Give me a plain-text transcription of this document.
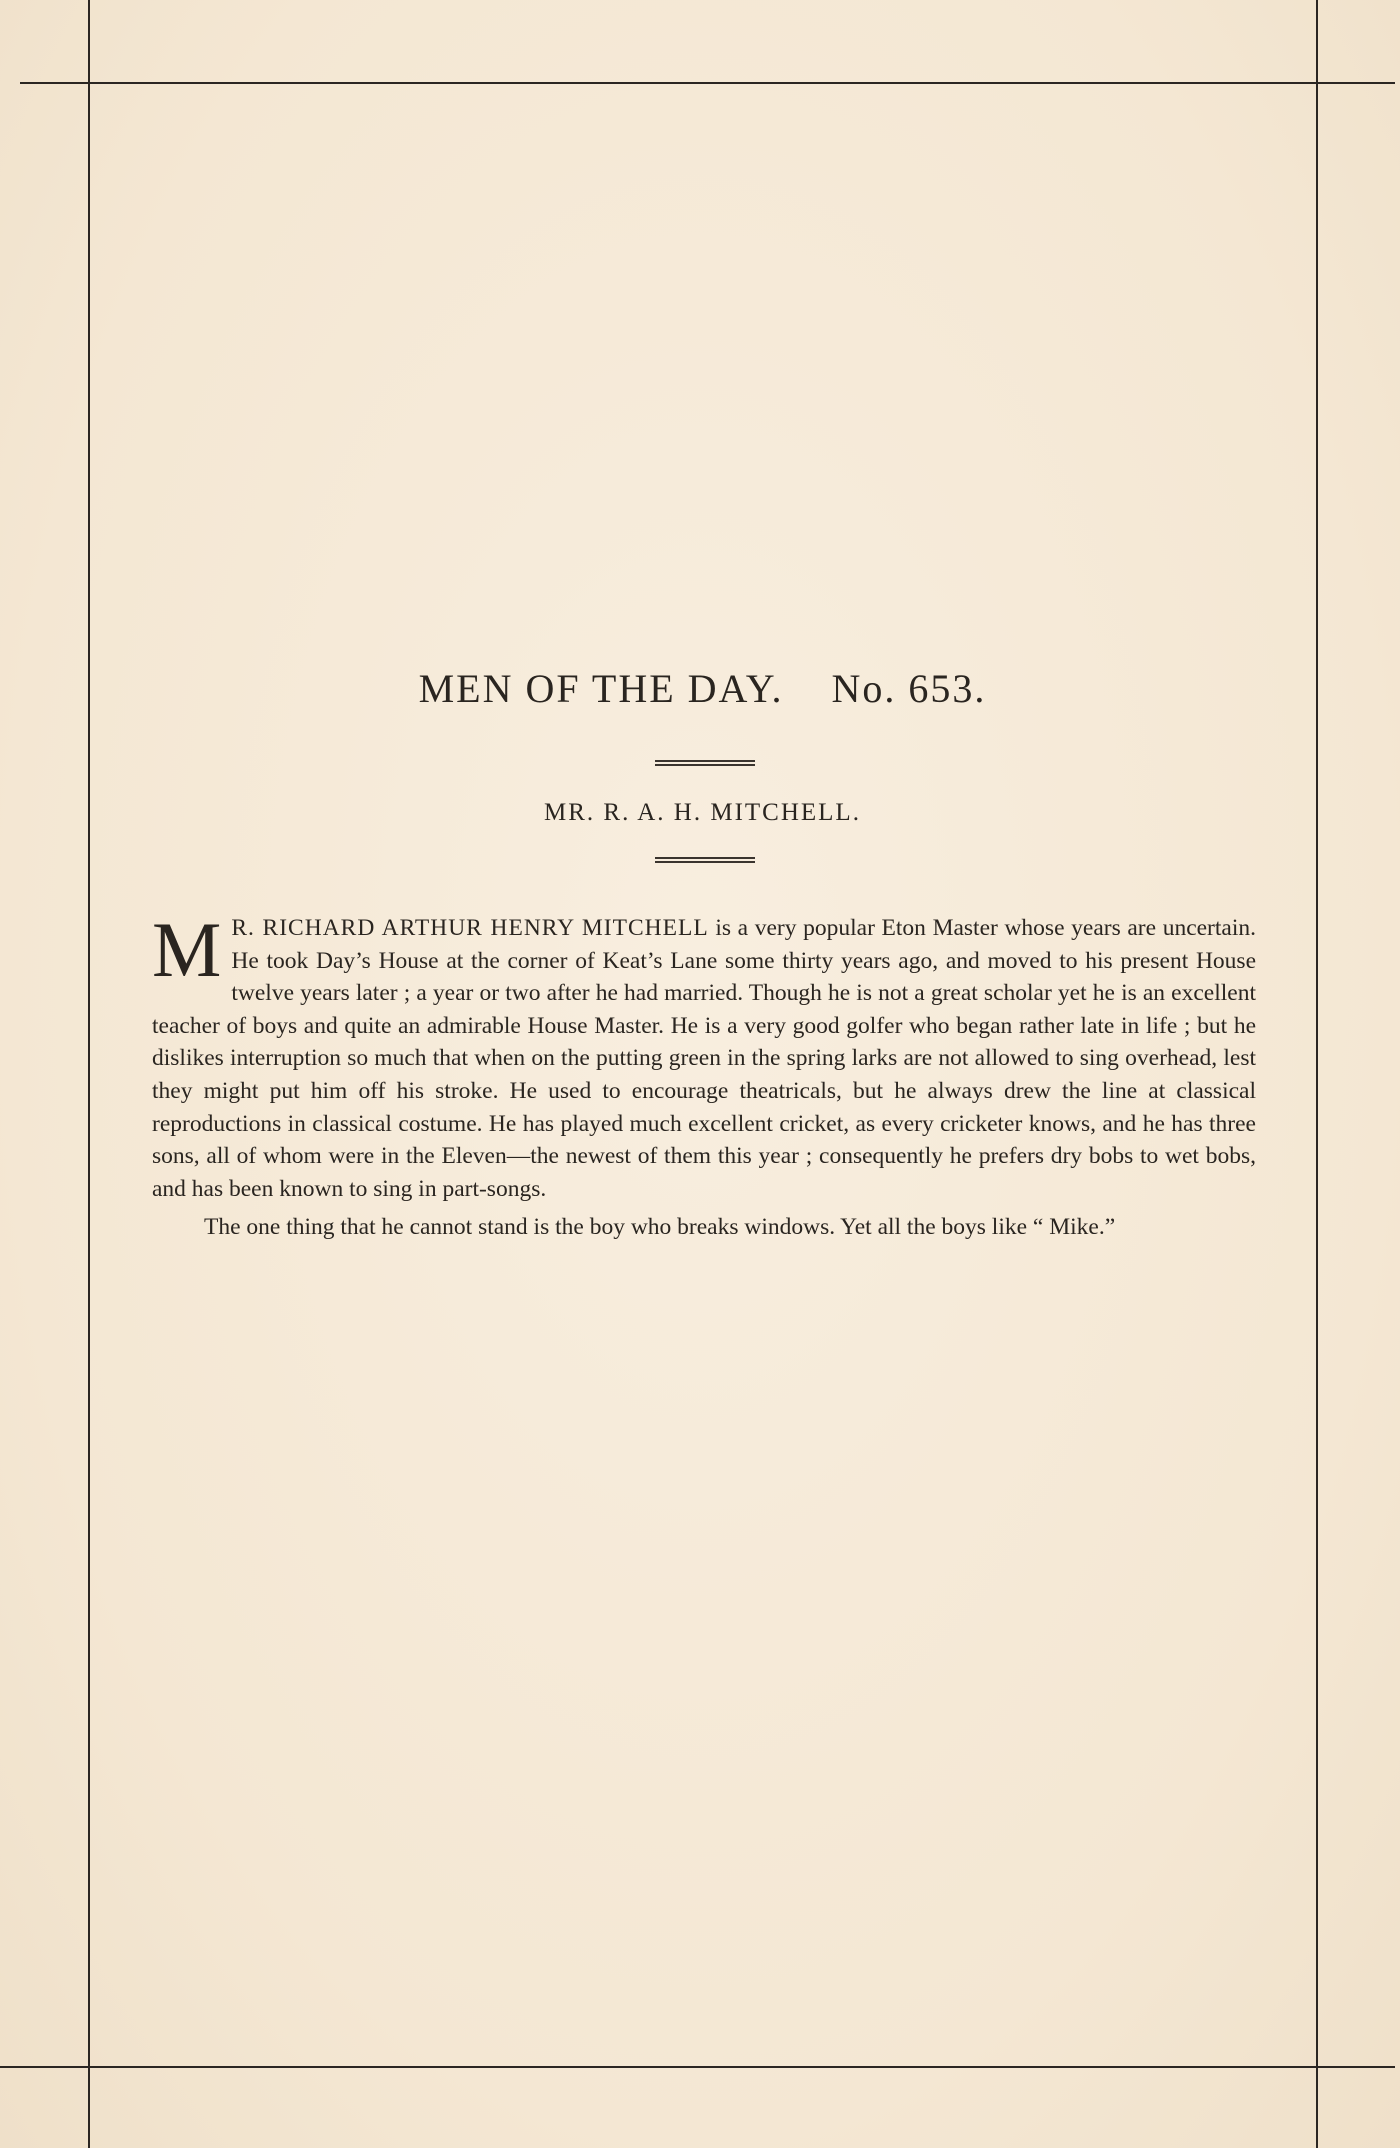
MEN OF THE DAY. No. 653.
MR. R. A. H. MITCHELL.

M R. RICHARD ARTHUR HENRY MITCHELL is a very popular Eton Master whose years are uncertain. He took Day’s House at the corner of Keat’s Lane some thirty years ago, and moved to his present House twelve years later ; a year or two after he had married. Though he is not a great scholar yet he is an excellent teacher of boys and quite an admirable House Master. He is a very good golfer who began rather late in life ; but he dislikes interruption so much that when on the putting green in the spring larks are not allowed to sing overhead, lest they might put him off his stroke. He used to encourage theatricals, but he always drew the line at classical reproductions in classical costume. He has played much excellent cricket, as every cricketer knows, and he has three sons, all of whom were in the Eleven—the newest of them this year ; consequently he prefers dry bobs to wet bobs, and has been known to sing in part-songs.

The one thing that he cannot stand is the boy who breaks windows. Yet all the boys like “ Mike.”
